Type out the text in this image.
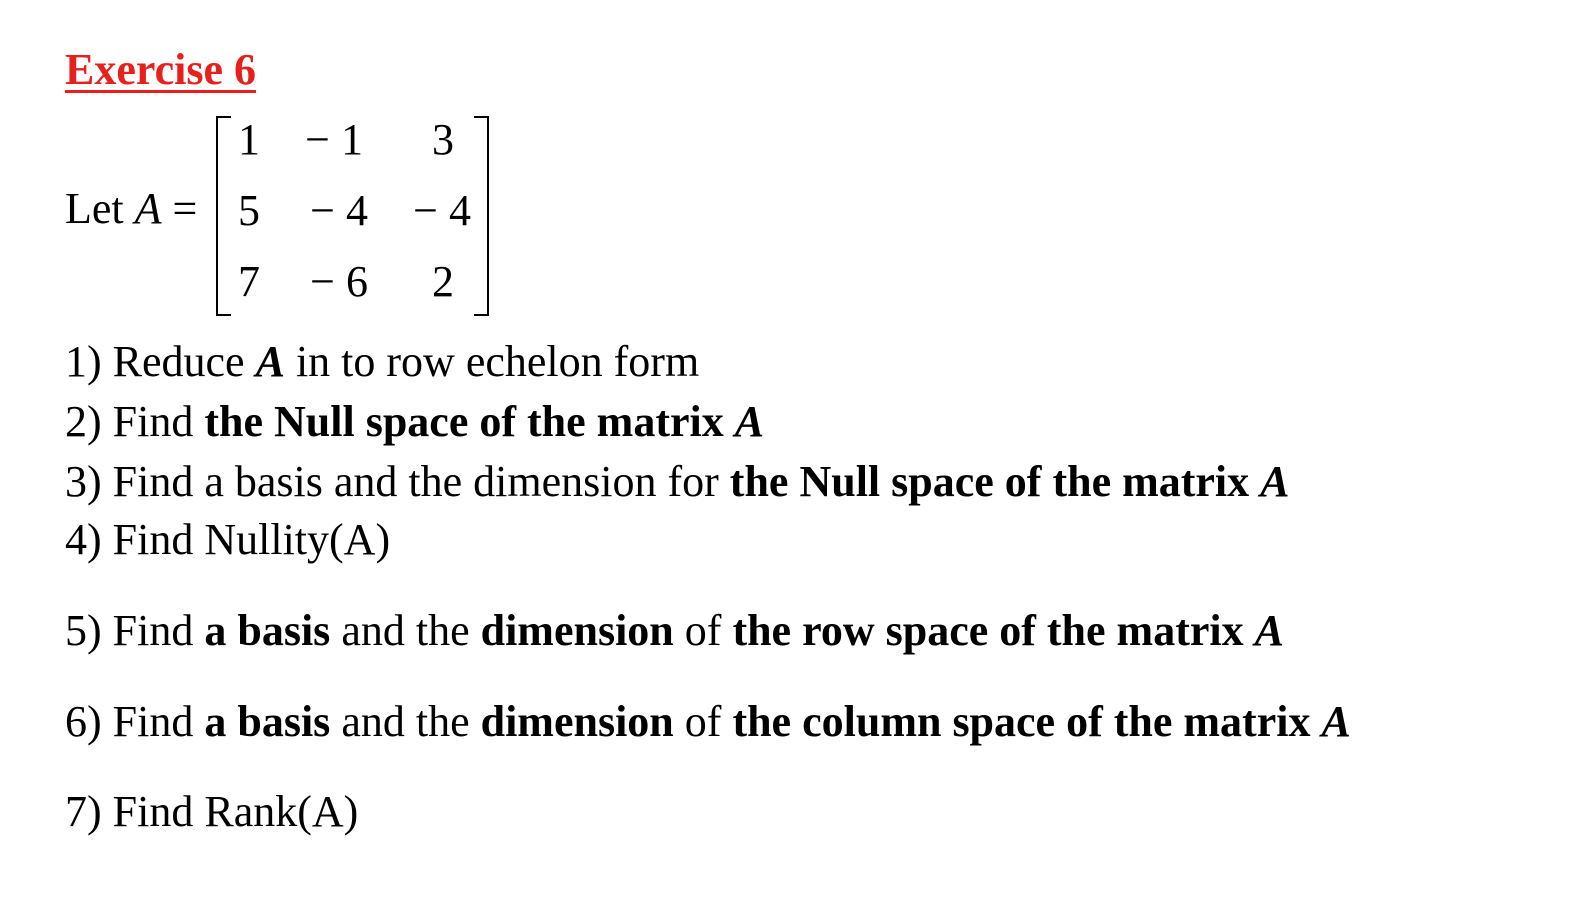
Exercise 6
Let A =
1	− 1	3
5	− 4	− 4
7	− 6	2
1) Reduce A in to row echelon form
2) Find the Null space of the matrix A
3) Find a basis and the dimension for the Null space of the matrix A
4) Find Nullity(A)
5) Find a basis and the dimension of the row space of the matrix A
6) Find a basis and the dimension of the column space of the matrix A
7) Find Rank(A)
